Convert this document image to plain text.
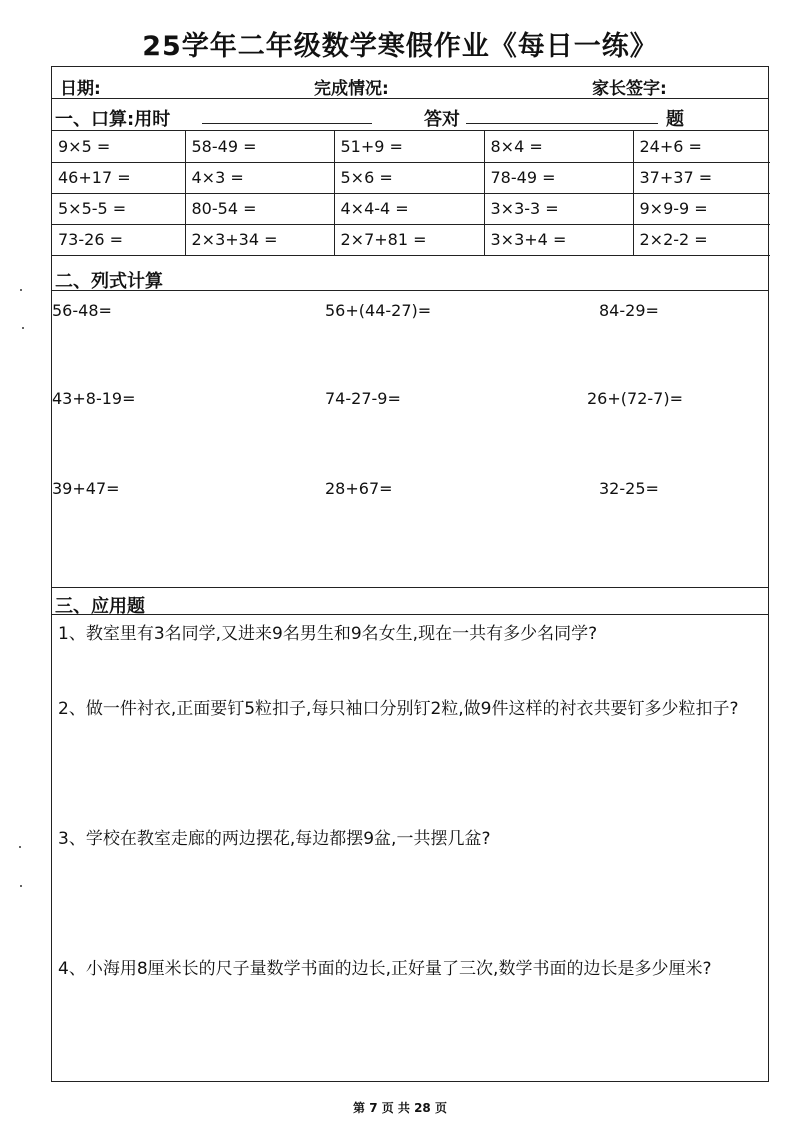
25学年二年级数学寒假作业《每日一练》
日期:	完成情况:	家长签字:
一、口算:用时	答对	题
9×5 =	58-49 =	51+9 =	8×4 =	24+6 =
46+17 =	4×3 =	5×6 =	78-49 =	37+37 =
5×5-5 =	80-54 =	4×4-4 =	3×3-3 =	9×9-9 =
73-26 =	2×3+34 =	2×7+81 =	3×3+4 =	2×2-2 =
二、列式计算
56-48=	56+(44-27)=	84-29=
43+8-19=	74-27-9=	26+(72-7)=
39+47=	28+67=	32-25=
三、应用题
1、教室里有3名同学,又进来9名男生和9名女生,现在一共有多少名同学?
2、做一件衬衣,正面要钉5粒扣子,每只袖口分别钉2粒,做9件这样的衬衣共要钉多少粒扣子?
3、学校在教室走廊的两边摆花,每边都摆9盆,一共摆几盆?
4、小海用8厘米长的尺子量数学书面的边长,正好量了三次,数学书面的边长是多少厘米?
第 7 页 共 28 页
